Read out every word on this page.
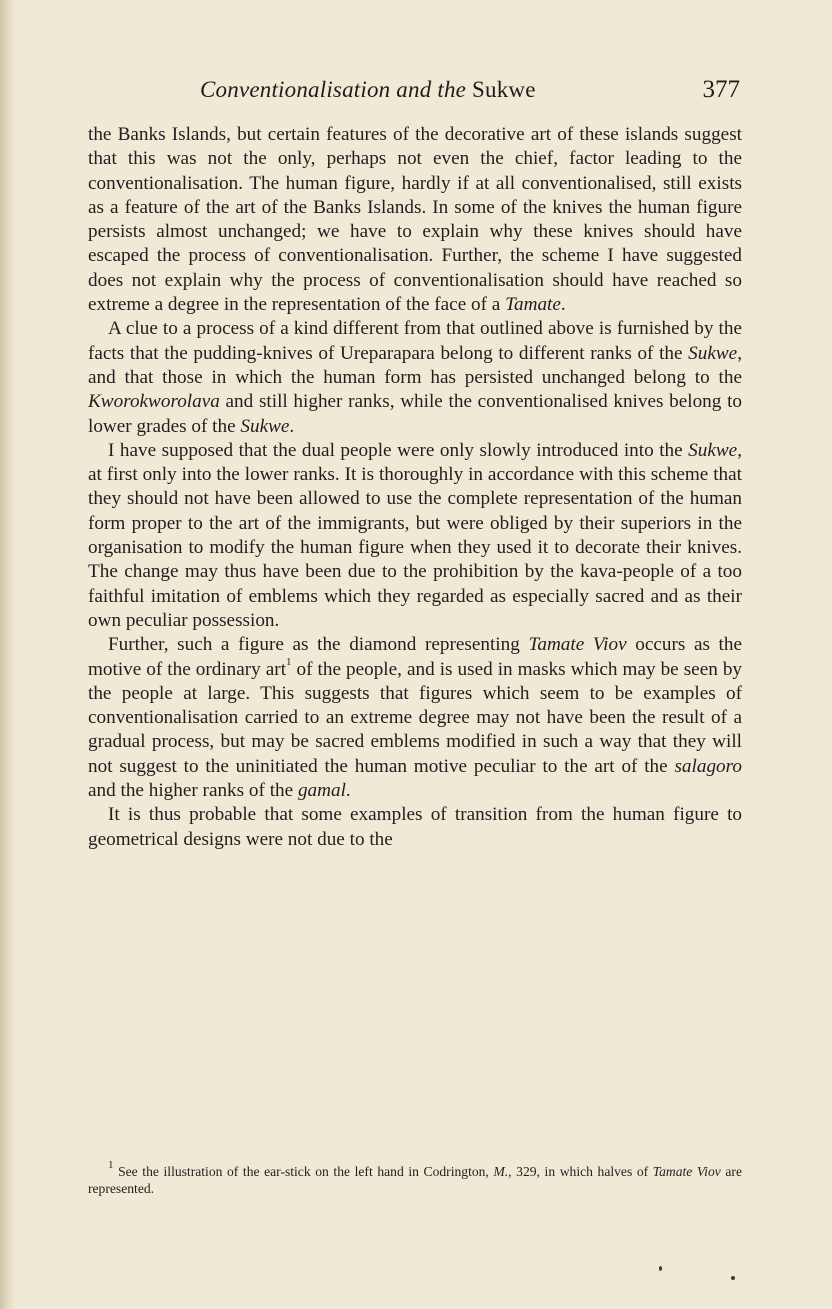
Conventionalisation and the Sukwe	377

the Banks Islands, but certain features of the decorative art of these islands suggest that this was not the only, perhaps not even the chief, factor leading to the conventionalisation. The human figure, hardly if at all conventionalised, still exists as a feature of the art of the Banks Islands. In some of the knives the human figure persists almost unchanged; we have to explain why these knives should have escaped the process of conventionalisation. Further, the scheme I have suggested does not explain why the process of conventionalisation should have reached so extreme a degree in the representation of the face of a Tamate.

A clue to a process of a kind different from that outlined above is furnished by the facts that the pudding-knives of Ureparapara belong to different ranks of the Sukwe, and that those in which the human form has persisted unchanged belong to the Kworokworolava and still higher ranks, while the conventionalised knives belong to lower grades of the Sukwe.

I have supposed that the dual people were only slowly introduced into the Sukwe, at first only into the lower ranks. It is thoroughly in accordance with this scheme that they should not have been allowed to use the complete representation of the human form proper to the art of the immigrants, but were obliged by their superiors in the organisation to modify the human figure when they used it to decorate their knives. The change may thus have been due to the prohibition by the kava-people of a too faithful imitation of emblems which they regarded as especially sacred and as their own peculiar possession.

Further, such a figure as the diamond representing Tamate Viov occurs as the motive of the ordinary art$^1$ of the people, and is used in masks which may be seen by the people at large. This suggests that figures which seem to be examples of conventionalisation carried to an extreme degree may not have been the result of a gradual process, but may be sacred emblems modified in such a way that they will not suggest to the uninitiated the human motive peculiar to the art of the salagoro and the higher ranks of the gamal.

It is thus probable that some examples of transition from the human figure to geometrical designs were not due to the

$^1$ See the illustration of the ear-stick on the left hand in Codrington, M., 329, in which halves of Tamate Viov are represented.
